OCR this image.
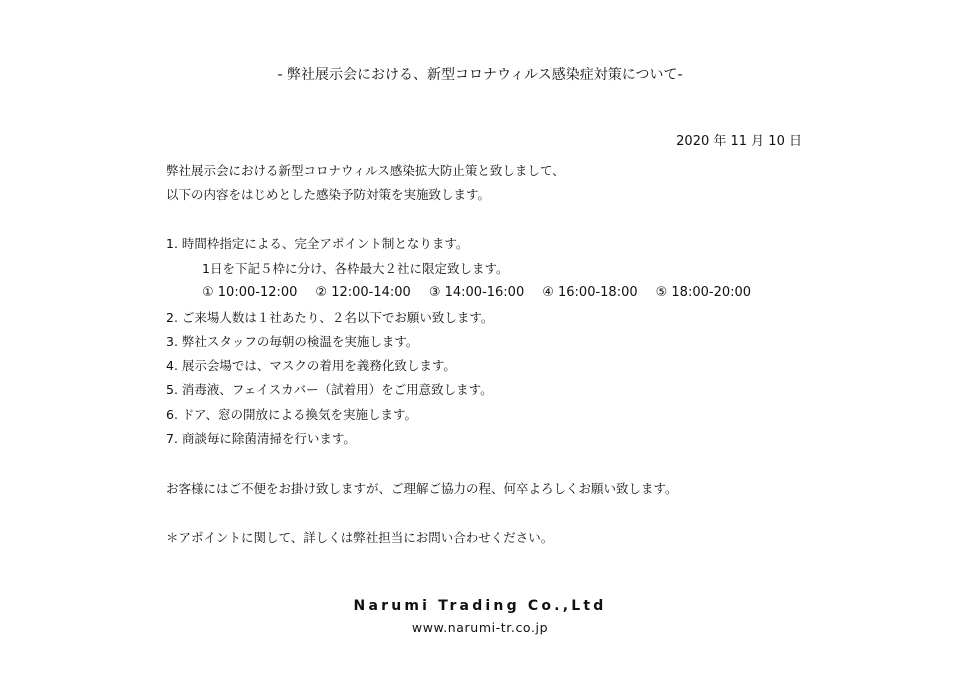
- 弊社展示会における、新型コロナウィルス感染症対策について-
2020 年 11 月 10 日
弊社展示会における新型コロナウィルス感染拡大防止策と致しまして、
以下の内容をはじめとした感染予防対策を実施致します。
1. 時間枠指定による、完全アポイント制となります。
1日を下記５枠に分け、各枠最大２社に限定致します。
① 10:00-12:00 ② 12:00-14:00 ③ 14:00-16:00 ④ 16:00-18:00 ⑤ 18:00-20:00
2. ご来場人数は１社あたり、２名以下でお願い致します。
3. 弊社スタッフの毎朝の検温を実施します。
4. 展示会場では、マスクの着用を義務化致します。
5. 消毒液、フェイスカバー（試着用）をご用意致します。
6. ドア、窓の開放による換気を実施します。
7. 商談毎に除菌清掃を行います。
お客様にはご不便をお掛け致しますが、ご理解ご協力の程、何卒よろしくお願い致します。
＊アポイントに関して、詳しくは弊社担当にお問い合わせください。
Narumi Trading Co.,Ltd
www.narumi-tr.co.jp
